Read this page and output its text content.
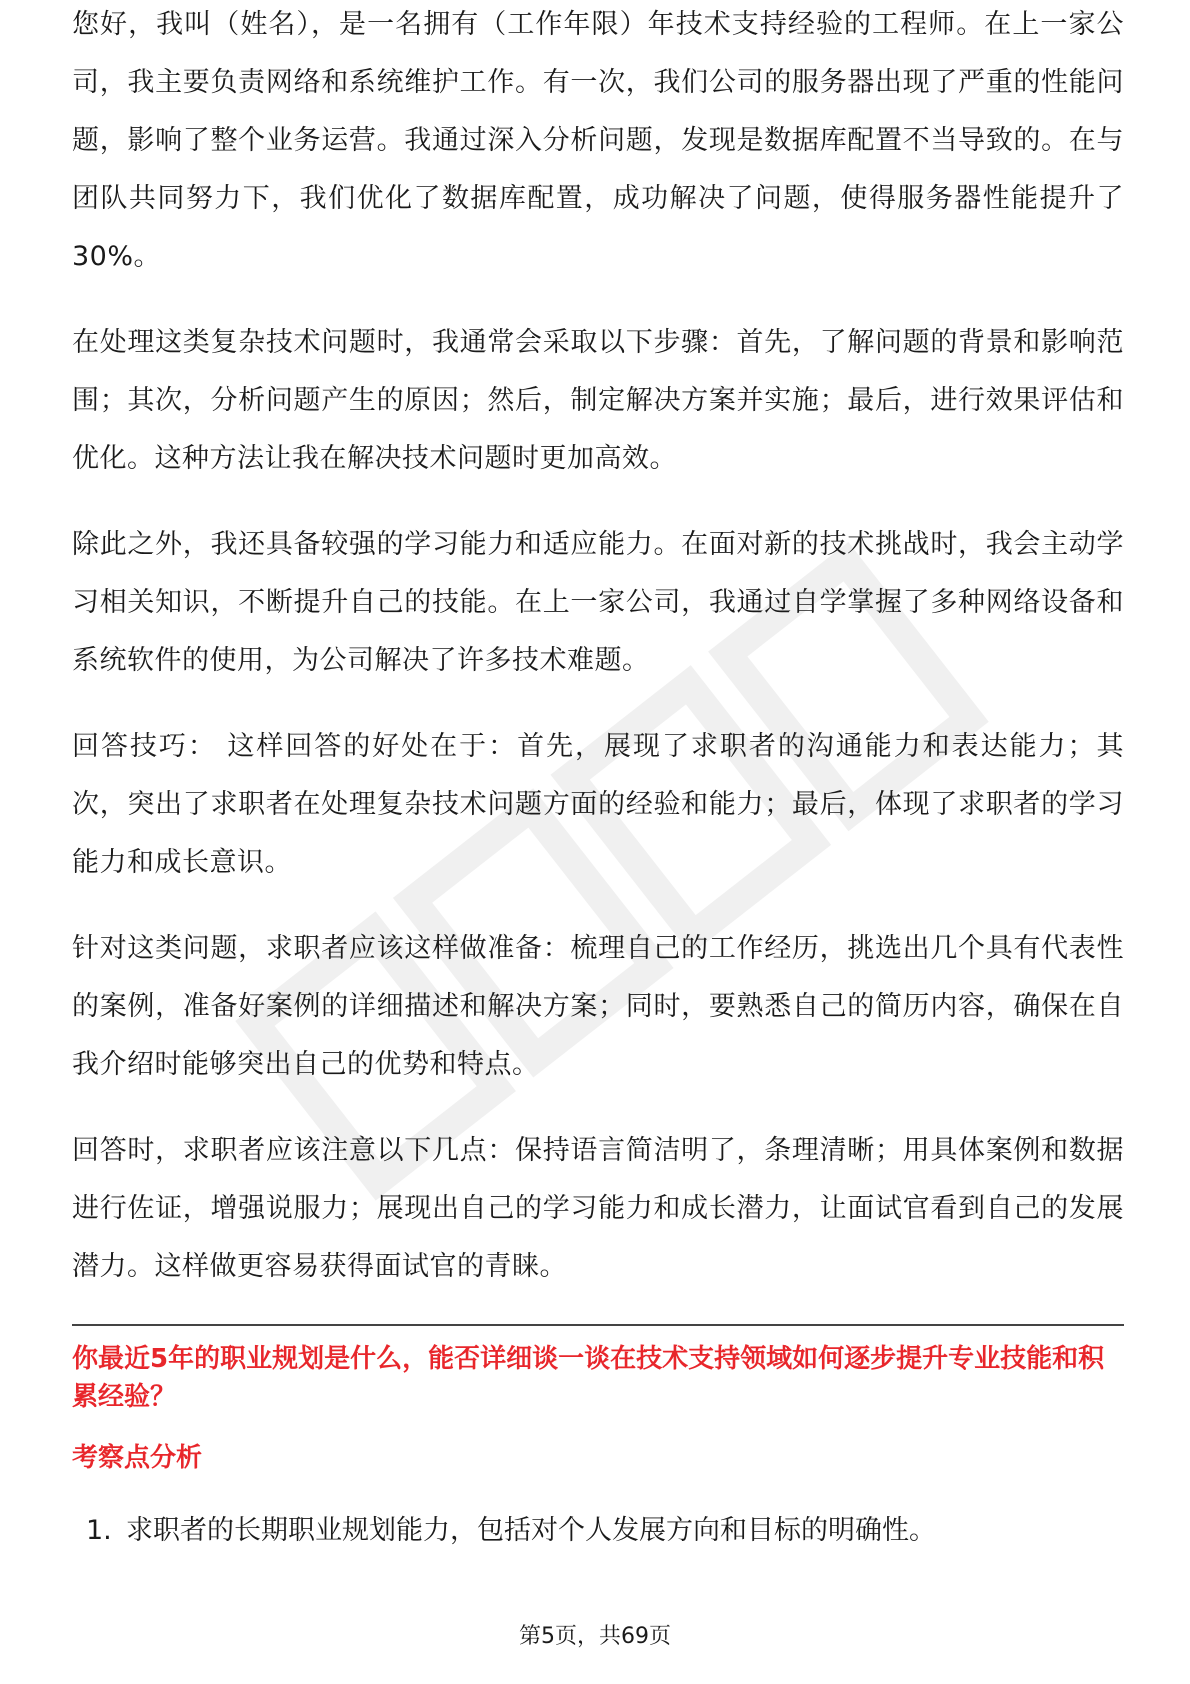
您好，我叫（姓名），是一名拥有（工作年限）年技术支持经验的工程师。在上一家公司，我主要负责网络和系统维护工作。有一次，我们公司的服务器出现了严重的性能问题，影响了整个业务运营。我通过深入分析问题，发现是数据库配置不当导致的。在与团队共同努力下，我们优化了数据库配置，成功解决了问题，使得服务器性能提升了30%。

在处理这类复杂技术问题时，我通常会采取以下步骤：首先，了解问题的背景和影响范围；其次，分析问题产生的原因；然后，制定解决方案并实施；最后，进行效果评估和优化。这种方法让我在解决技术问题时更加高效。

除此之外，我还具备较强的学习能力和适应能力。在面对新的技术挑战时，我会主动学习相关知识，不断提升自己的技能。在上一家公司，我通过自学掌握了多种网络设备和系统软件的使用，为公司解决了许多技术难题。

回答技巧： 这样回答的好处在于：首先，展现了求职者的沟通能力和表达能力；其次，突出了求职者在处理复杂技术问题方面的经验和能力；最后，体现了求职者的学习能力和成长意识。

针对这类问题，求职者应该这样做准备：梳理自己的工作经历，挑选出几个具有代表性的案例，准备好案例的详细描述和解决方案；同时，要熟悉自己的简历内容，确保在自我介绍时能够突出自己的优势和特点。

回答时，求职者应该注意以下几点：保持语言简洁明了，条理清晰；用具体案例和数据进行佐证，增强说服力；展现出自己的学习能力和成长潜力，让面试官看到自己的发展潜力。这样做更容易获得面试官的青睐。

你最近5年的职业规划是什么，能否详细谈一谈在技术支持领域如何逐步提升专业技能和积累经验？
考察点分析
1. 求职者的长期职业规划能力，包括对个人发展方向和目标的明确性。
第5页，共69页
